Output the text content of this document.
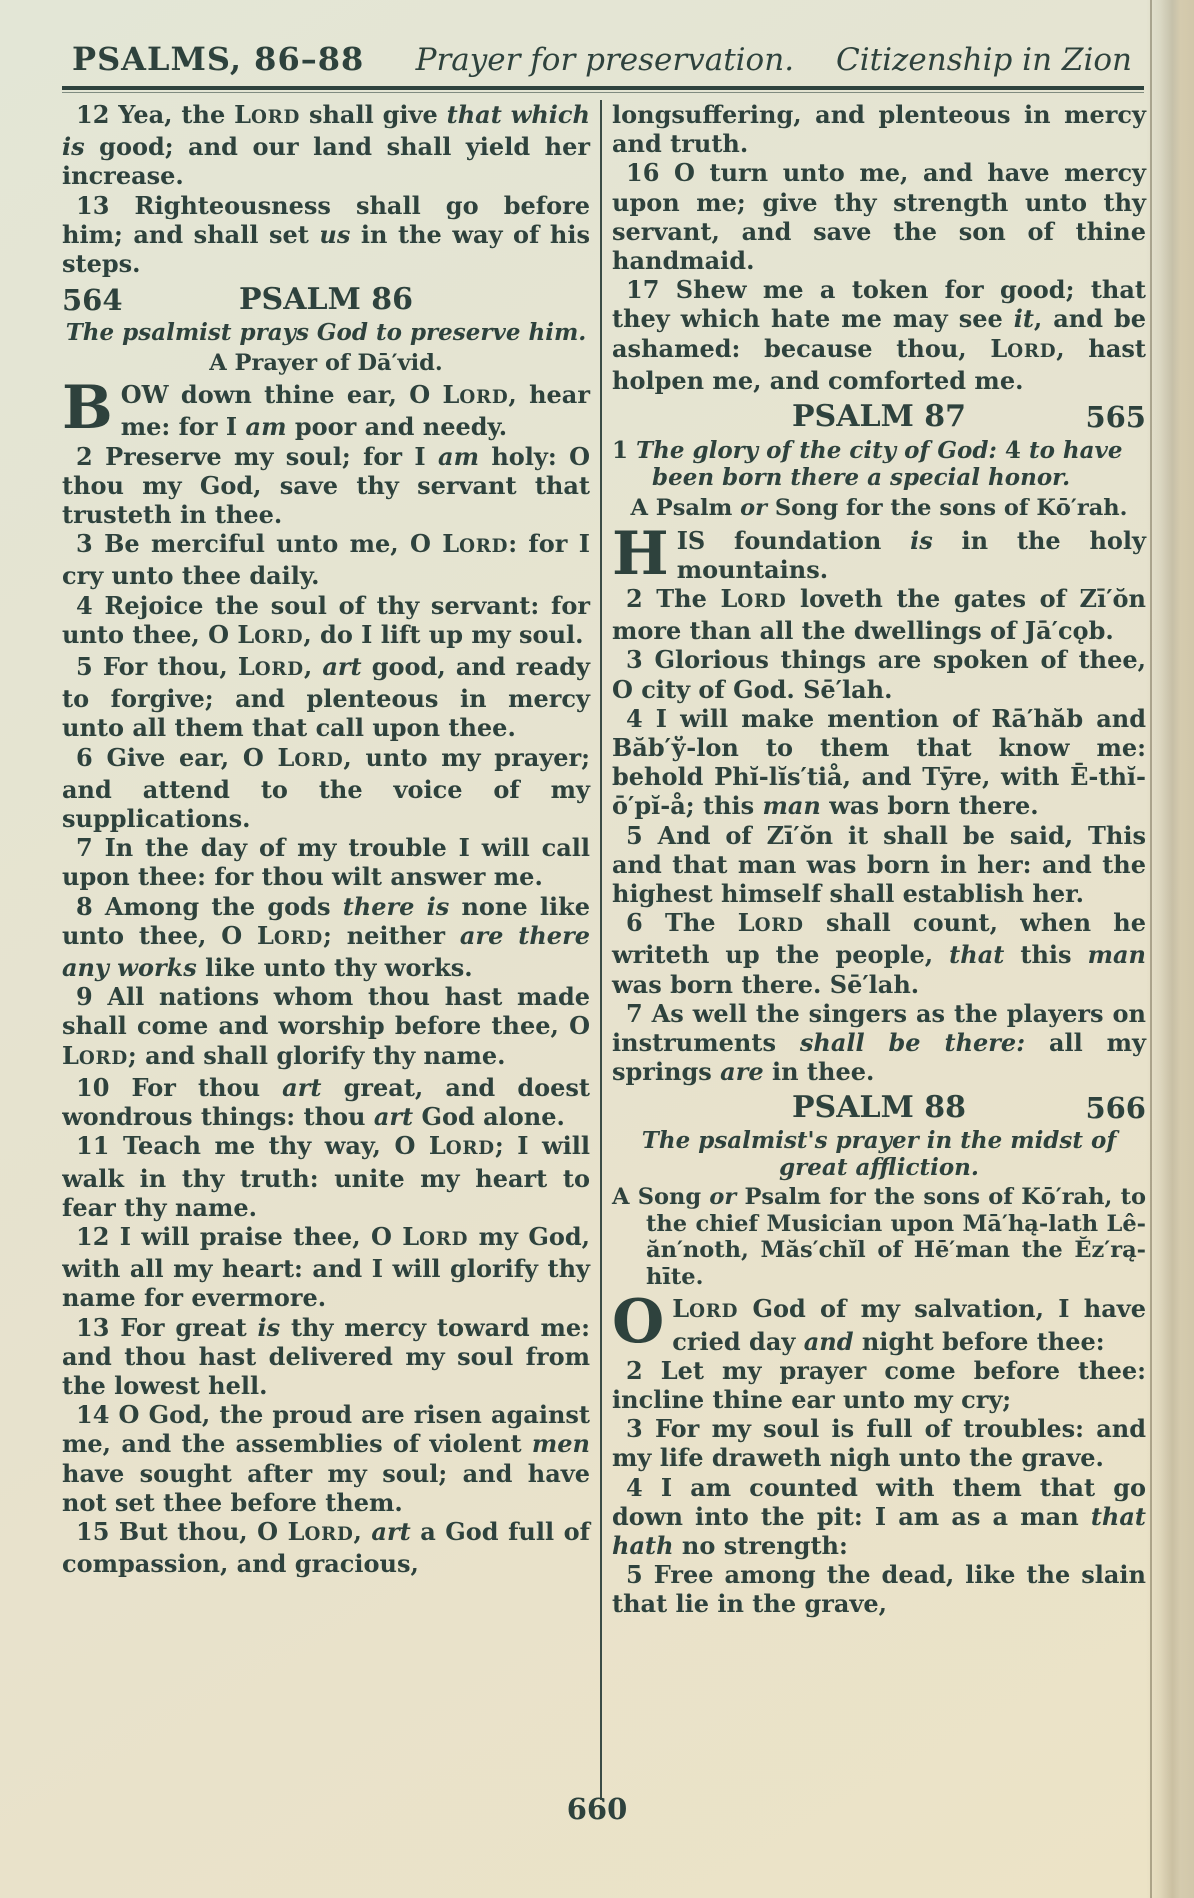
PSALMS, 86–88 Prayer for preservation. Citizenship in Zion

12 Yea, the LORD shall give that which is good; and our land shall yield her increase.

13 Righteousness shall go before him; and shall set us in the way of his steps.

564	PSALM 86
The psalmist prays God to preserve him.
A Prayer of Dā′vid.

BOW down thine ear, O LORD, hear me: for I am poor and needy.

2 Preserve my soul; for I am holy: O thou my God, save thy servant that trusteth in thee.

3 Be merciful unto me, O LORD: for I cry unto thee daily.

4 Rejoice the soul of thy servant: for unto thee, O LORD, do I lift up my soul.

5 For thou, LORD, art good, and ready to forgive; and plenteous in mercy unto all them that call upon thee.

6 Give ear, O LORD, unto my prayer; and attend to the voice of my supplications.

7 In the day of my trouble I will call upon thee: for thou wilt answer me.

8 Among the gods there is none like unto thee, O LORD; neither are there any works like unto thy works.

9 All nations whom thou hast made shall come and worship before thee, O LORD; and shall glorify thy name.

10 For thou art great, and doest wondrous things: thou art God alone.

11 Teach me thy way, O LORD; I will walk in thy truth: unite my heart to fear thy name.

12 I will praise thee, O LORD my God, with all my heart: and I will glorify thy name for evermore.

13 For great is thy mercy toward me: and thou hast delivered my soul from the lowest hell.

14 O God, the proud are risen against me, and the assemblies of violent men have sought after my soul; and have not set thee before them.

15 But thou, O LORD, art a God full of compassion, and gracious,

longsuffering, and plenteous in mercy and truth.

16 O turn unto me, and have mercy upon me; give thy strength unto thy servant, and save the son of thine handmaid.

17 Shew me a token for good; that they which hate me may see it, and be ashamed: because thou, LORD, hast holpen me, and comforted me.

565
PSALM 87
1 The glory of the city of God: 4 to have been born there a special honor.
A Psalm or Song for the sons of Kō′rah.

HIS foundation is in the holy mountains.

2 The LORD loveth the gates of Zī′ŏn more than all the dwellings of Jā′cǫb.

3 Glorious things are spoken of thee, O city of God. Sē′lah.

4 I will make mention of Rā′hăb and Băb′ў-lon to them that know me: behold Phĭ-lĭs′tiå, and Tȳre, with Ē-thĭ-ō′pĭ-å; this man was born there.

5 And of Zī′ŏn it shall be said, This and that man was born in her: and the highest himself shall establish her.

6 The LORD shall count, when he writeth up the people, that this man was born there. Sē′lah.

7 As well the singers as the players on instruments shall be there: all my springs are in thee.

566
PSALM 88
The psalmist's prayer in the midst of great affliction.
A Song or Psalm for the sons of Kō′rah, to the chief Musician upon Mā′hą-lath Lê-ăn′noth, Măs′chĭl of Hē′man the Ĕz′rą-hīte.

O LORD God of my salvation, I have cried day and night before thee:

2 Let my prayer come before thee: incline thine ear unto my cry;

3 For my soul is full of troubles: and my life draweth nigh unto the grave.

4 I am counted with them that go down into the pit: I am as a man that hath no strength:

5 Free among the dead, like the slain that lie in the grave,

660
